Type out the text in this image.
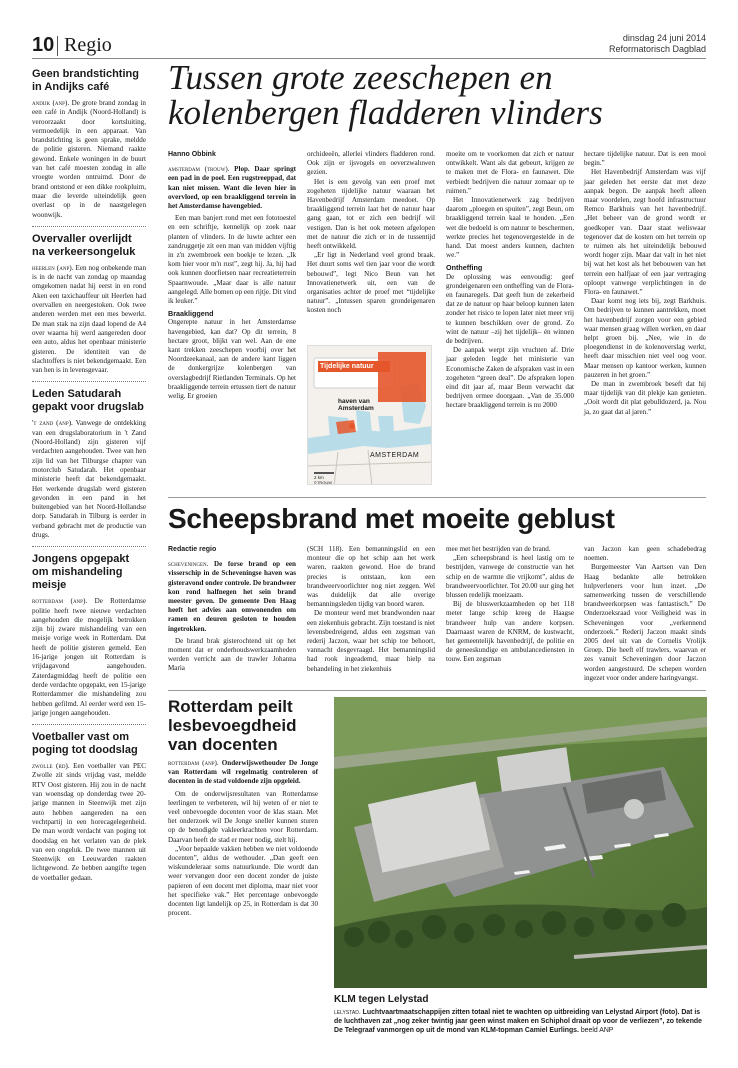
10 Regio	dinsdag 24 juni 2014
Reformatorisch Dagblad
Geen brandstichting in Andijks café
andijk (anp). De grote brand zondag in een café in Andijk (Noord-Holland) is veroorzaakt door kortsluiting, vermoedelijk in een apparaat. Van brandstichting is geen sprake, meldde de politie gisteren. Niemand raakte gewond. Enkele woningen in de buurt van het café moesten zondag in alle vroegte worden ontruimd. Door de brand ontstond er een dikke rookpluim, maar die leverde uiteindelijk geen overlast op in de naastgelegen woonwijk.
Overvaller overlijdt na verkeersongeluk
heerlen (anp). Een nog onbekende man is in de nacht van zondag op maandag omgekomen nadat hij eerst in en rond Aken een taxichauffeur uit Heerlen had overvallen en neergestoken. Ook twee anderen werden met een mes bewerkt. De man stak na zijn daad lopend de A4 over waarna hij werd aangereden door een auto, aldus het openbaar ministerie gisteren. De identiteit van de slachtoffers is niet bekendgemaakt. Een van hen is in levensgevaar.
Leden Satudarah gepakt voor drugslab
't zand (anp). Vanwege de ontdekking van een drugslaboratorium in 't Zand (Noord-Holland) zijn gisteren vijf verdachten aangehouden. Twee van hen zijn lid van het Tilburgse chapter van motorclub Satudarah. Het openbaar ministerie heeft dat bekendgemaakt. Het werkende drugslab werd gisteren gevonden in een pand in het buitengebied van het Noord-Hollandse dorp. Satudarah in Tilburg is eerder in verband gebracht met de productie van drugs.
Jongens opgepakt om mishandeling meisje
rotterdam (anp). De Rotterdamse politie heeft twee nieuwe verdachten aangehouden die mogelijk betrokken zijn bij zware mishandeling van een meisje vorige week in Rotterdam. Dat heeft de politie gisteren gemeld. Een 16-jarige jongen uit Rotterdam is vrijdagavond aangehouden. Zaterdagmiddag heeft de politie een derde verdachte opgepakt, een 15-jarige Rotterdammer die mishandeling zou hebben gefilmd. Al eerder werd een 15-jarige jongen aangehouden.
Voetballer vast om poging tot doodslag
zwolle (rd). Een voetballer van PEC Zwolle zit sinds vrijdag vast, meldde RTV Oost gisteren. Hij zou in de nacht van woensdag op donderdag twee 20-jarige mannen in Steenwijk met zijn auto hebben aangereden na een vechtpartij in een horecagelegenheid. De man wordt verdacht van poging tot doodslag en het verlaten van de plek van een ongeluk. De twee mannen uit Steenwijk en Leeuwarden raakten lichtgewond. Ze hebben aangifte tegen de voetballer gedaan.
Tussen grote zeeschepen en kolenbergen fladderen vlinders
Hanno Obbink

amsterdam (trouw). Plop. Daar springt een pad in de poel. Een rugstreeppad, dat kan niet missen. Want die leven hier in overvloed, op een braakliggend terrein in het Amsterdamse havengebied.

Een man banjert rond met een fototoestel en een schriftje, kennelijk op zoek naar planten of vlinders. In de luwte achter een zandruggetje zit een man van midden vijftig in z'n zwembroek een boekje te lezen. „Ik kom hier voor m'n rust”, zegt hij. Ja, hij had ook kunnen doorfietsen naar recreatieterrein Spaarnwoude. „Maar daar is alle natuur aangelegd. Alle bomen op een rijtje. Dit vind ik leuker.”

Braakliggend

Ongerepte natuur in het Amsterdamse havengebied, kan dat? Op dit terrein, 8 hectare groot, blijkt van wel. Aan de ene kant trekken zeeschepen voorbij over het Noordzeekanaal, aan de andere kant liggen de donkergrijze kolenbergen van overslagbedrijf Rietlanden Terminals. Op het braakliggende terrein ertussen tiert de natuur welig. Er groeien

orchideeën, allerlei vlinders fladderen rond. Ook zijn er ijsvogels en oeverzwaluwen gezien.

Het is een gevolg van een proef met zogeheten tijdelijke natuur waaraan het Havenbedrijf Amsterdam meedoet. Op braakliggend terrein laat het de natuur haar gang gaan, tot er zich een bedrijf wil vestigen. Dan is het ook meteen afgelopen met de natuur die zich er in de tussentijd heeft ontwikkeld.

„Er ligt in Nederland veel grond braak. Het duurt soms wel tien jaar voor die wordt bebouwd”, legt Nico Beun van het Innovatienetwerk uit, een van de organisaties achter de proef met “tijdelijke natuur”. „Intussen sparen grondeigenaren kosten noch

Tijdelijke natuur
haven van Amsterdam
AMSTERDAM
2 km
©TROUW

moeite om te voorkomen dat zich er natuur ontwikkelt. Want als dat gebeurt, krijgen ze te maken met de Flora- en faunawet. Die verbiedt bedrijven die natuur zomaar op te ruimen.”

Het Innovatienetwerk zag bedrijven daarom „ploegen en spuiten”, zegt Beun, om braakliggend terrein kaal te houden. „Een wet die bedoeld is om natuur te beschermen, werkte precies het tegenovergestelde in de hand. Dat moest anders kunnen, dachten we.”

Ontheffing

De oplossing was eenvoudig: geef grondeigenaren een ontheffing van de Flora- en faunaregels. Dat geeft hun de zekerheid dat ze de natuur op haar beloop kunnen laten zonder het risico te lopen later niet meer vrij te kunnen beschikken over de grond. Zo wint de natuur –zij het tijdelijk– én winnen de bedrijven.

De aanpak werpt zijn vruchten af. Drie jaar geleden legde het ministerie van Economische Zaken de afspraken vast in een zogeheten “green deal”. De afspraken lopen eind dit jaar af, maar Beun verwacht dat bedrijven ermee doorgaan. „Van de 35.000 hectare braakliggend terrein is nu 2000

hectare tijdelijke natuur. Dat is een mooi begin.”

Het Havenbedrijf Amsterdam was vijf jaar geleden het eerste dat met deze aanpak begon. De aanpak heeft alleen maar voordelen, zegt hoofd infrastructuur Remco Barkhuis van het havenbedrijf. „Het beheer van de grond wordt er goedkoper van. Daar staat weliswaar tegenover dat de kosten om het terrein op te ruimen als het uiteindelijk bebouwd wordt hoger zijn. Maar dat valt in het niet bij wat het kost als het bebouwen van het terrein een halfjaar of een jaar vertraging oploopt vanwege verplichtingen in de Flora- en faunawet.”

Daar komt nog iets bij, zegt Barkhuis. Om bedrijven te kunnen aantrekken, moet het havenbedrijf zorgen voor een gebied waar mensen graag willen werken, en daar helpt groen bij. „Nee, wie in de ploegendienst in de kolenoverslag werkt, heeft daar misschien niet veel oog voor. Maar mensen op kantoor werken, kunnen pauzeren in het groen.”

De man in zwembroek beseft dat hij maar tijdelijk van dit plekje kan genieten. „Ooit wordt dit plat gebulldozerd, ja. Nou ja, zo gaat dat al jaren.”

Scheepsbrand met moeite geblust
Redactie regio

scheveningen. De forse brand op een visserschip in de Scheveningse haven was gisteravond onder controle. De brandweer kon rond halfnegen het sein brand meester geven. De gemeente Den Haag heeft het advies aan omwonenden om ramen en deuren gesloten te houden ingetrokken.

De brand brak gisterochtend uit op het moment dat er onderhoudswerkzaamheden werden verricht aan de trawler Johanna Maria

(SCH 118). Een bemanningslid en een monteur die op het schip aan het werk waren, raakten gewond. Hoe de brand precies is ontstaan, kon een brandweervoorlichter nog niet zeggen. Wel was duidelijk dat alle overige bemanningsleden tijdig van boord waren.

De monteur werd met brandwonden naar een ziekenhuis gebracht. Zijn toestand is niet levensbedreigend, aldus een zegsman van rederij Jaczon, waar het schip toe behoort, vannacht desgevraagd. Het bemanningslid had rook ingeademd, maar hielp na behandeling in het ziekenhuis

mee met het bestrijden van de brand.

„Een scheepsbrand is heel lastig om te bestrijden, vanwege de constructie van het schip en de warmte die vrijkomt”, aldus de brandweervoorlichter. Tot 20.00 uur ging het blussen redelijk moeizaam.

Bij de bluswerkzaamheden op het 118 meter lange schip kreeg de Haagse brandweer hulp van andere korpsen. Daarnaast waren de KNRM, de kustwacht, het gemeentelijk havenbedrijf, de politie en de geneeskundige en ambulancediensten in touw. Een zegsman

van Jaczon kan geen schadebedrag noemen.

Burgemeester Van Aartsen van Den Haag bedankte alle betrokken hulpverleners voor hun inzet. „De samenwerking tussen de verschillende brandweerkorpsen was fantastisch.” De Onderzoeksraad voor Veiligheid was in Scheveningen voor „verkennend onderzoek.” Rederij Jaczon maakt sinds 2005 deel uit van de Cornelis Vrolijk Groep. Die heeft elf trawlers, waarvan er zes vanuit Scheveningen door Jaczon worden aangestuurd. De schepen worden ingezet voor onder andere haringvangst.

Rotterdam peilt lesbevoegdheid van docenten

rotterdam (anp). Onderwijswethouder De Jonge van Rotterdam wil regelmatig controleren of docenten in de stad voldoende zijn opgeleid.

Om de onderwijsresultaten van Rotterdamse leerlingen te verbeteren, wil hij weten of er niet te veel onbevoegde docenten voor de klas staan. Met het onderzoek wil De Jonge sneller kunnen sturen op de benodigde vakleerkrachten voor Rotterdam. Daarvan heeft de stad er meer nodig, stelt hij.

„Voor bepaalde vakken hebben we niet voldoende docenten”, aldus de wethouder. „Dan geeft een wiskundeleraar soms natuurkunde. Die wordt dan weer vervangen door een docent zonder de juiste papieren of een docent met diploma, maar niet voor het specifieke vak.” Het percentage onbevoegde docenten ligt landelijk op 25, in Rotterdam is dat 30 procent.

KLM tegen Lelystad
lelystad. Luchtvaartmaatschappijen zitten totaal niet te wachten op uitbreiding van Lelystad Airport (foto). Dat is de luchthaven zat „nog zeker twintig jaar geen winst maken en Schiphol draait op voor de verliezen”, zo tekende De Telegraaf vanmorgen op uit de mond van KLM-topman Camiel Eurlings. beeld ANP
